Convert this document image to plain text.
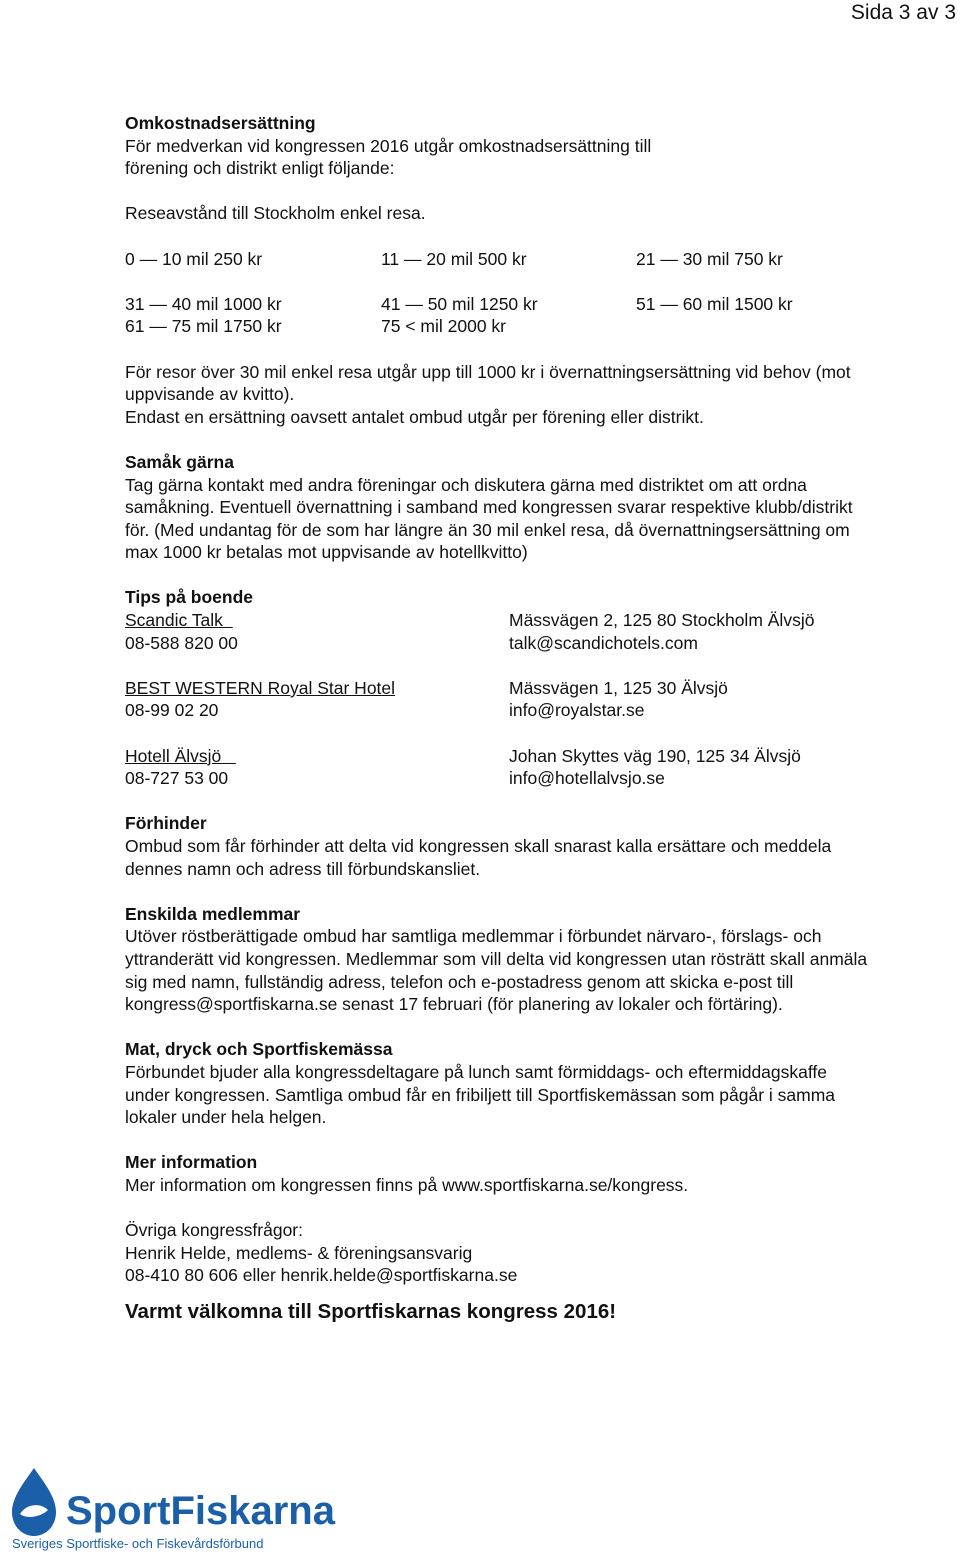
Sida 3 av 3
Omkostnadsersättning
För medverkan vid kongressen 2016 utgår omkostnadsersättning till
förening och distrikt enligt följande:
Reseavstånd till Stockholm enkel resa.
0 — 10 mil 250 kr	11 — 20 mil 500 kr	21 — 30 mil 750 kr
31 — 40 mil 1000 kr	41 — 50 mil 1250 kr	51 — 60 mil 1500 kr
61 — 75 mil 1750 kr	75 < mil 2000 kr
För resor över 30 mil enkel resa utgår upp till 1000 kr i övernattningsersättning vid behov (mot
uppvisande av kvitto).
Endast en ersättning oavsett antalet ombud utgår per förening eller distrikt.
Samåk gärna
Tag gärna kontakt med andra föreningar och diskutera gärna med distriktet om att ordna
samåkning. Eventuell övernattning i samband med kongressen svarar respektive klubb/distrikt
för. (Med undantag för de som har längre än 30 mil enkel resa, då övernattningsersättning om
max 1000 kr betalas mot uppvisande av hotellkvitto)
Tips på boende
Scandic Talk	Mässvägen 2, 125 80 Stockholm Älvsjö
08-588 820 00	talk@scandichotels.com
BEST WESTERN Royal Star Hotel	Mässvägen 1, 125 30 Älvsjö
08-99 02 20	info@royalstar.se
Hotell Älvsjö	Johan Skyttes väg 190, 125 34 Älvsjö
08-727 53 00	info@hotellalvsjo.se
Förhinder
Ombud som får förhinder att delta vid kongressen skall snarast kalla ersättare och meddela
dennes namn och adress till förbundskansliet.
Enskilda medlemmar
Utöver röstberättigade ombud har samtliga medlemmar i förbundet närvaro-, förslags- och
yttranderätt vid kongressen. Medlemmar som vill delta vid kongressen utan rösträtt skall anmäla
sig med namn, fullständig adress, telefon och e-postadress genom att skicka e-post till
kongress@sportfiskarna.se senast 17 februari (för planering av lokaler och förtäring).
Mat, dryck och Sportfiskemässa
Förbundet bjuder alla kongressdeltagare på lunch samt förmiddags- och eftermiddagskaffe
under kongressen. Samtliga ombud får en fribiljett till Sportfiskemässan som pågår i samma
lokaler under hela helgen.
Mer information
Mer information om kongressen finns på www.sportfiskarna.se/kongress.
Övriga kongressfrågor:
Henrik Helde, medlems- & föreningsansvarig
08-410 80 606 eller henrik.helde@sportfiskarna.se
Varmt välkomna till Sportfiskarnas kongress 2016!
SportFiskarna
Sveriges Sportfiske- och Fiskevårdsförbund
